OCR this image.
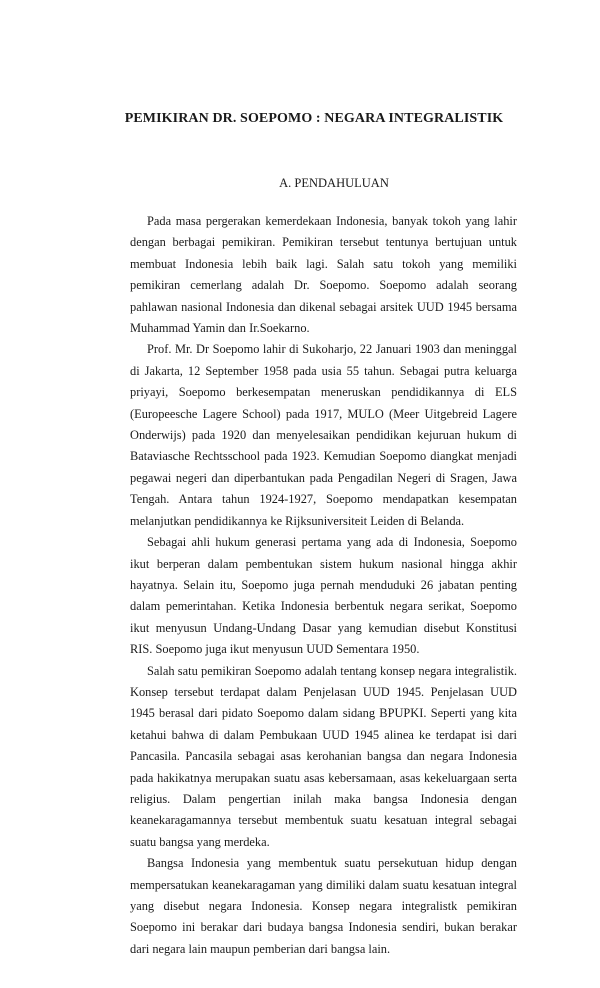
PEMIKIRAN DR. SOEPOMO : NEGARA INTEGRALISTIK
A. PENDAHULUAN

Pada masa pergerakan kemerdekaan Indonesia, banyak tokoh yang lahir dengan berbagai pemikiran. Pemikiran tersebut tentunya bertujuan untuk membuat Indonesia lebih baik lagi. Salah satu tokoh yang memiliki pemikiran cemerlang adalah Dr. Soepomo. Soepomo adalah seorang pahlawan nasional Indonesia dan dikenal sebagai arsitek UUD 1945 bersama Muhammad Yamin dan Ir.Soekarno.

Prof. Mr. Dr Soepomo lahir di Sukoharjo, 22 Januari 1903 dan meninggal di Jakarta, 12 September 1958 pada usia 55 tahun. Sebagai putra keluarga priyayi, Soepomo berkesempatan meneruskan pendidikannya di ELS (Europeesche Lagere School) pada 1917, MULO (Meer Uitgebreid Lagere Onderwijs) pada 1920 dan menyelesaikan pendidikan kejuruan hukum di Bataviasche Rechtsschool pada 1923. Kemudian Soepomo diangkat menjadi pegawai negeri dan diperbantukan pada Pengadilan Negeri di Sragen, Jawa Tengah. Antara tahun 1924-1927, Soepomo mendapatkan kesempatan melanjutkan pendidikannya ke Rijksuniversiteit Leiden di Belanda.

Sebagai ahli hukum generasi pertama yang ada di Indonesia, Soepomo ikut berperan dalam pembentukan sistem hukum nasional hingga akhir hayatnya. Selain itu, Soepomo juga pernah menduduki 26 jabatan penting dalam pemerintahan. Ketika Indonesia berbentuk negara serikat, Soepomo ikut menyusun Undang-Undang Dasar yang kemudian disebut Konstitusi RIS. Soepomo juga ikut menyusun UUD Sementara 1950.

Salah satu pemikiran Soepomo adalah tentang konsep negara integralistik. Konsep tersebut terdapat dalam Penjelasan UUD 1945. Penjelasan UUD 1945 berasal dari pidato Soepomo dalam sidang BPUPKI. Seperti yang kita ketahui bahwa di dalam Pembukaan UUD 1945 alinea ke terdapat isi dari Pancasila. Pancasila sebagai asas kerohanian bangsa dan negara Indonesia pada hakikatnya merupakan suatu asas kebersamaan, asas kekeluargaan serta religius. Dalam pengertian inilah maka bangsa Indonesia dengan keanekaragamannya tersebut membentuk suatu kesatuan integral sebagai suatu bangsa yang merdeka.

Bangsa Indonesia yang membentuk suatu persekutuan hidup dengan mempersatukan keanekaragaman yang dimiliki dalam suatu kesatuan integral yang disebut negara Indonesia. Konsep negara integralistk pemikiran Soepomo ini berakar dari budaya bangsa Indonesia sendiri, bukan berakar dari negara lain maupun pemberian dari bangsa lain.
